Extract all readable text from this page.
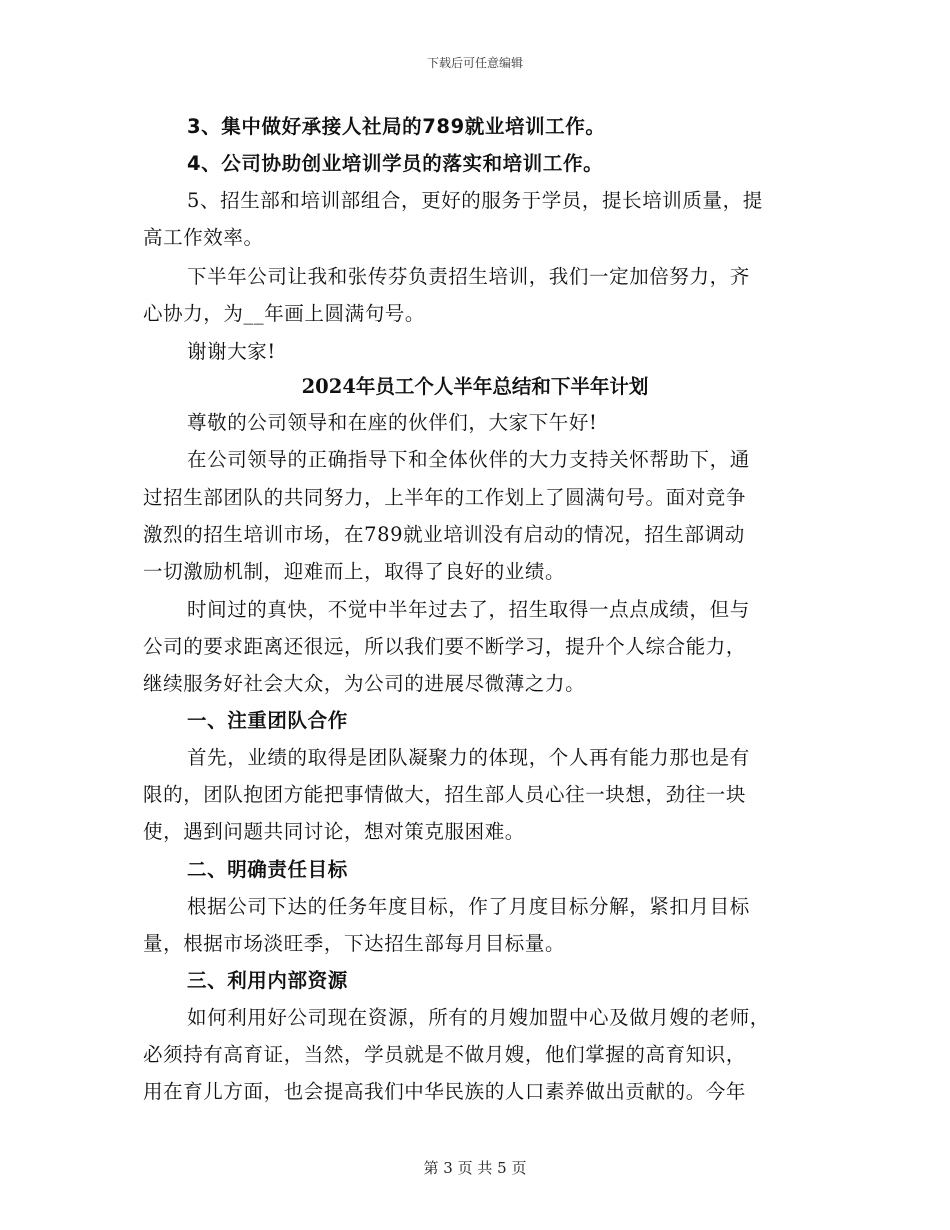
下载后可任意编辑
3、集中做好承接人社局的789就业培训工作。
4、公司协助创业培训学员的落实和培训工作。
5、招生部和培训部组合，更好的服务于学员，提长培训质量，提
高工作效率。
下半年公司让我和张传芬负责招生培训，我们一定加倍努力，齐
心协力，为__年画上圆满句号。
谢谢大家!
2024年员工个人半年总结和下半年计划
尊敬的公司领导和在座的伙伴们，大家下午好!
在公司领导的正确指导下和全体伙伴的大力支持关怀帮助下，通
过招生部团队的共同努力，上半年的工作划上了圆满句号。面对竞争
激烈的招生培训市场，在789就业培训没有启动的情况，招生部调动
一切激励机制，迎难而上，取得了良好的业绩。
时间过的真快，不觉中半年过去了，招生取得一点点成绩，但与
公司的要求距离还很远，所以我们要不断学习，提升个人综合能力，
继续服务好社会大众，为公司的进展尽微薄之力。
一、注重团队合作
首先，业绩的取得是团队凝聚力的体现，个人再有能力那也是有
限的，团队抱团方能把事情做大，招生部人员心往一块想，劲往一块
使，遇到问题共同讨论，想对策克服困难。
二、明确责任目标
根据公司下达的任务年度目标，作了月度目标分解，紧扣月目标
量，根据市场淡旺季，下达招生部每月目标量。
三、利用内部资源
如何利用好公司现在资源，所有的月嫂加盟中心及做月嫂的老师，
必须持有高育证，当然，学员就是不做月嫂，他们掌握的高育知识，
用在育儿方面，也会提高我们中华民族的人口素养做出贡献的。今年
第 3 页 共 5 页
